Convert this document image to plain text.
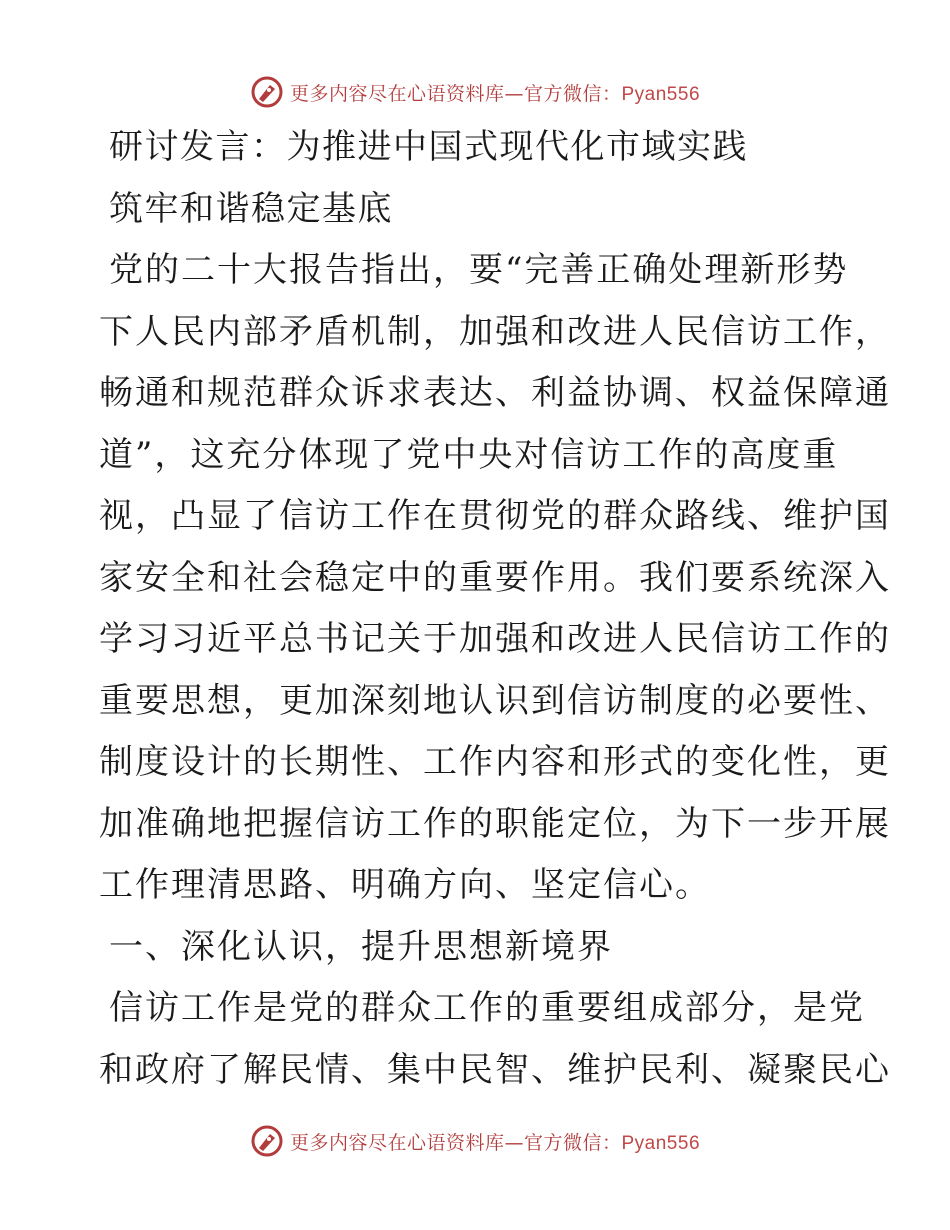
更多内容尽在心语资料库—官方微信：Pyan556
研讨发言：为推进中国式现代化市域实践
筑牢和谐稳定基底
党的二十大报告指出，要“完善正确处理新形势
下人民内部矛盾机制，加强和改进人民信访工作，
畅通和规范群众诉求表达、利益协调、权益保障通
道”，这充分体现了党中央对信访工作的高度重
视，凸显了信访工作在贯彻党的群众路线、维护国
家安全和社会稳定中的重要作用。我们要系统深入
学习习近平总书记关于加强和改进人民信访工作的
重要思想，更加深刻地认识到信访制度的必要性、
制度设计的长期性、工作内容和形式的变化性，更
加准确地把握信访工作的职能定位，为下一步开展
工作理清思路、明确方向、坚定信心。
一、深化认识，提升思想新境界
信访工作是党的群众工作的重要组成部分，是党
和政府了解民情、集中民智、维护民利、凝聚民心
更多内容尽在心语资料库—官方微信：Pyan556
